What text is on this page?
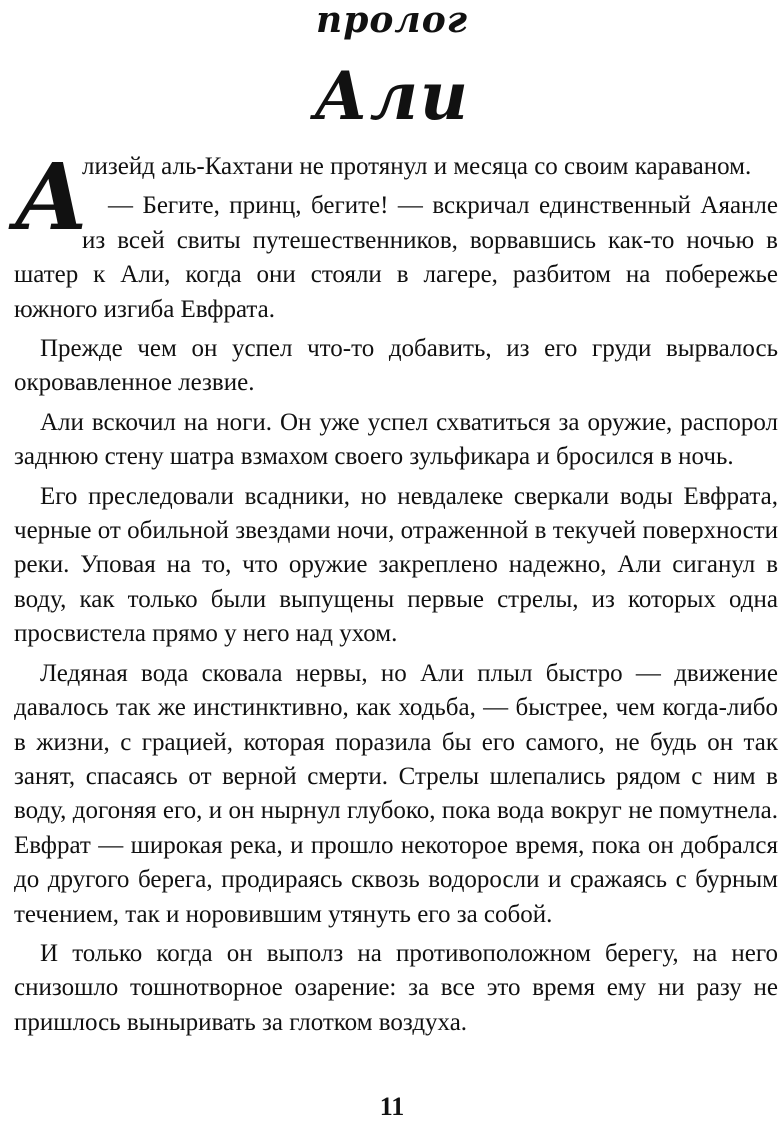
пролог
Али

А
лизейд аль-Кахтани не протянул и месяца со своим караваном.

— Бегите, принц, бегите! — вскричал единственный Аяанле из всей свиты путешественников, ворвавшись как-то ночью в шатер к Али, когда они стояли в лагере, разбитом на побережье южного изгиба Евфрата.

Прежде чем он успел что-то добавить, из его груди вырвалось окровавленное лезвие.

Али вскочил на ноги. Он уже успел схватиться за оружие, распорол заднюю стену шатра взмахом своего зульфикара и бросился в ночь.

Его преследовали всадники, но невдалеке сверкали воды Евфрата, черные от обильной звездами ночи, отраженной в текучей поверхности реки. Уповая на то, что оружие закреплено надежно, Али сиганул в воду, как только были выпущены первые стрелы, из которых одна просвистела прямо у него над ухом.

Ледяная вода сковала нервы, но Али плыл быстро — движение давалось так же инстинктивно, как ходьба, — быстрее, чем когда-либо в жизни, с грацией, которая поразила бы его самого, не будь он так занят, спасаясь от верной смерти. Стрелы шлепались рядом с ним в воду, догоняя его, и он нырнул глубоко, пока вода вокруг не помутнела. Евфрат — широкая река, и прошло некоторое время, пока он добрался до другого берега, продираясь сквозь водоросли и сражаясь с бурным течением, так и норовившим утянуть его за собой.

И только когда он выполз на противоположном берегу, на него снизошло тошнотворное озарение: за все это время ему ни разу не пришлось выныривать за глотком воздуха.

11
